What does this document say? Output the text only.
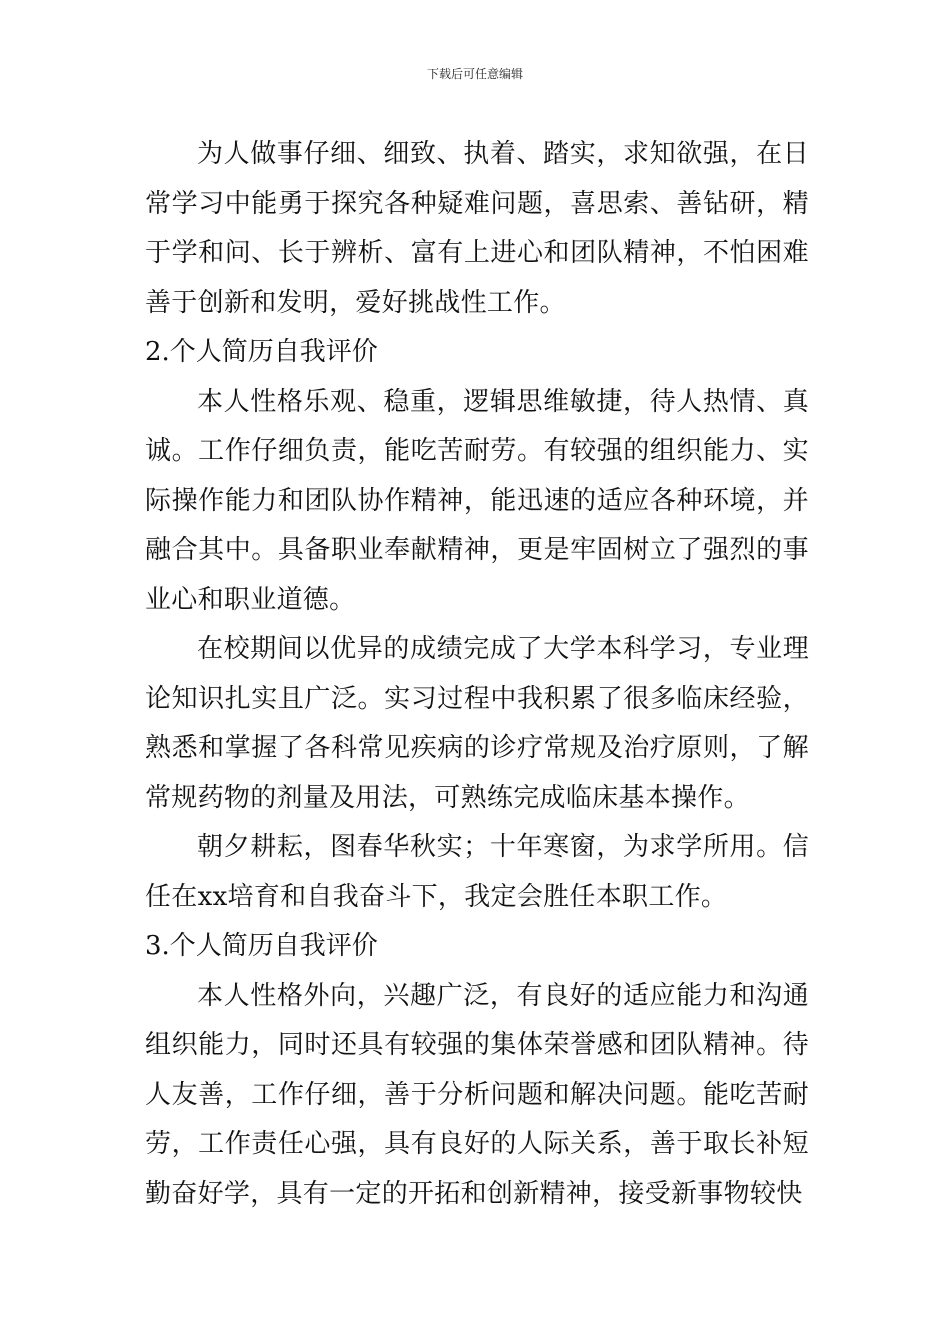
下载后可任意编辑

为人做事仔细、细致、执着、踏实，求知欲强，在日常学习中能勇于探究各种疑难问题，喜思索、善钻研，精于学和问、长于辨析、富有上进心和团队精神，不怕困难善于创新和发明，爱好挑战性工作。

2.个人简历自我评价

本人性格乐观、稳重，逻辑思维敏捷，待人热情、真诚。工作仔细负责，能吃苦耐劳。有较强的组织能力、实际操作能力和团队协作精神，能迅速的适应各种环境，并融合其中。具备职业奉献精神，更是牢固树立了强烈的事业心和职业道德。

在校期间以优异的成绩完成了大学本科学习，专业理论知识扎实且广泛。实习过程中我积累了很多临床经验，熟悉和掌握了各科常见疾病的诊疗常规及治疗原则，了解常规药物的剂量及用法，可熟练完成临床基本操作。

朝夕耕耘，图春华秋实；十年寒窗，为求学所用。信任在xx培育和自我奋斗下，我定会胜任本职工作。

3.个人简历自我评价

本人性格外向，兴趣广泛，有良好的适应能力和沟通组织能力，同时还具有较强的集体荣誉感和团队精神。待人友善，工作仔细，善于分析问题和解决问题。能吃苦耐劳，工作责任心强，具有良好的人际关系，善于取长补短勤奋好学，具有一定的开拓和创新精神，接受新事物较快
